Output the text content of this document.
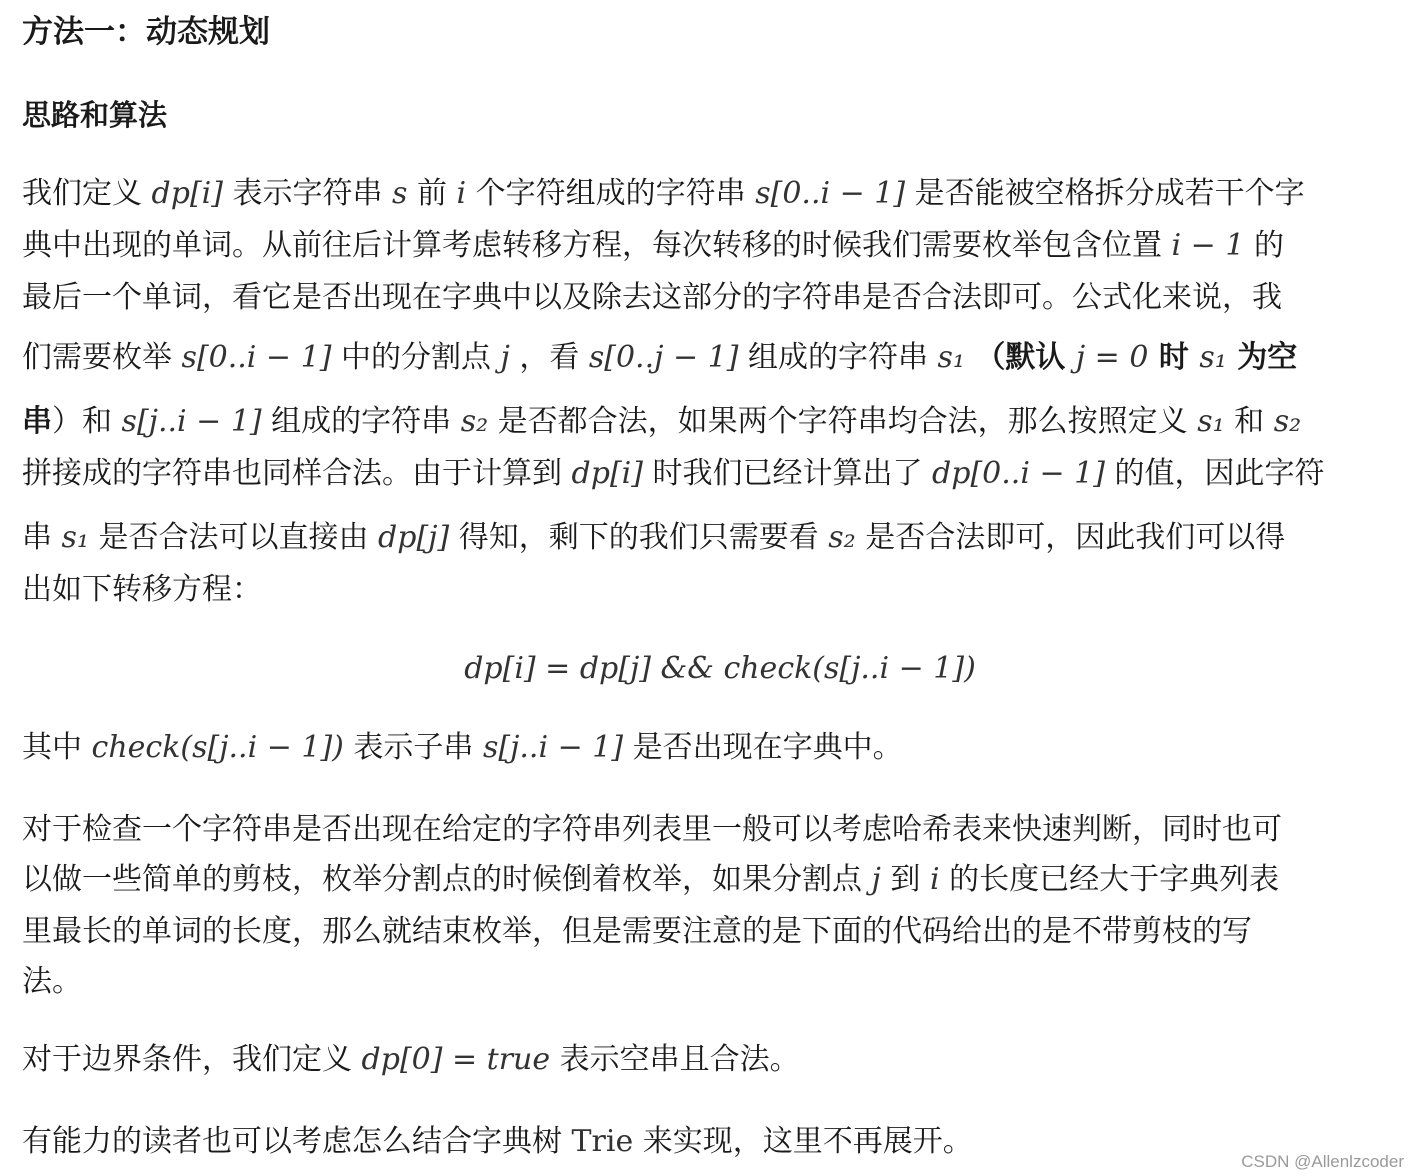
方法一：动态规划
思路和算法
我们定义 dp[i] 表示字符串 s 前 i 个字符组成的字符串 s[0..i − 1] 是否能被空格拆分成若干个字
典中出现的单词。从前往后计算考虑转移方程，每次转移的时候我们需要枚举包含位置 i − 1 的
最后一个单词，看它是否出现在字典中以及除去这部分的字符串是否合法即可。公式化来说，我
们需要枚举 s[0..i − 1] 中的分割点 j ，看 s[0..j − 1] 组成的字符串 s₁ （默认 j = 0 时 s₁ 为空
串）和 s[j..i − 1] 组成的字符串 s₂ 是否都合法，如果两个字符串均合法，那么按照定义 s₁ 和 s₂
拼接成的字符串也同样合法。由于计算到 dp[i] 时我们已经计算出了 dp[0..i − 1] 的值，因此字符
串 s₁ 是否合法可以直接由 dp[j] 得知，剩下的我们只需要看 s₂ 是否合法即可，因此我们可以得
出如下转移方程：
dp[i] = dp[j] && check(s[j..i − 1])
其中 check(s[j..i − 1]) 表示子串 s[j..i − 1] 是否出现在字典中。
对于检查一个字符串是否出现在给定的字符串列表里一般可以考虑哈希表来快速判断，同时也可
以做一些简单的剪枝，枚举分割点的时候倒着枚举，如果分割点 j 到 i 的长度已经大于字典列表
里最长的单词的长度，那么就结束枚举，但是需要注意的是下面的代码给出的是不带剪枝的写
法。
对于边界条件，我们定义 dp[0] = true 表示空串且合法。
有能力的读者也可以考虑怎么结合字典树 Trie 来实现，这里不再展开。
CSDN @Allenlzcoder
